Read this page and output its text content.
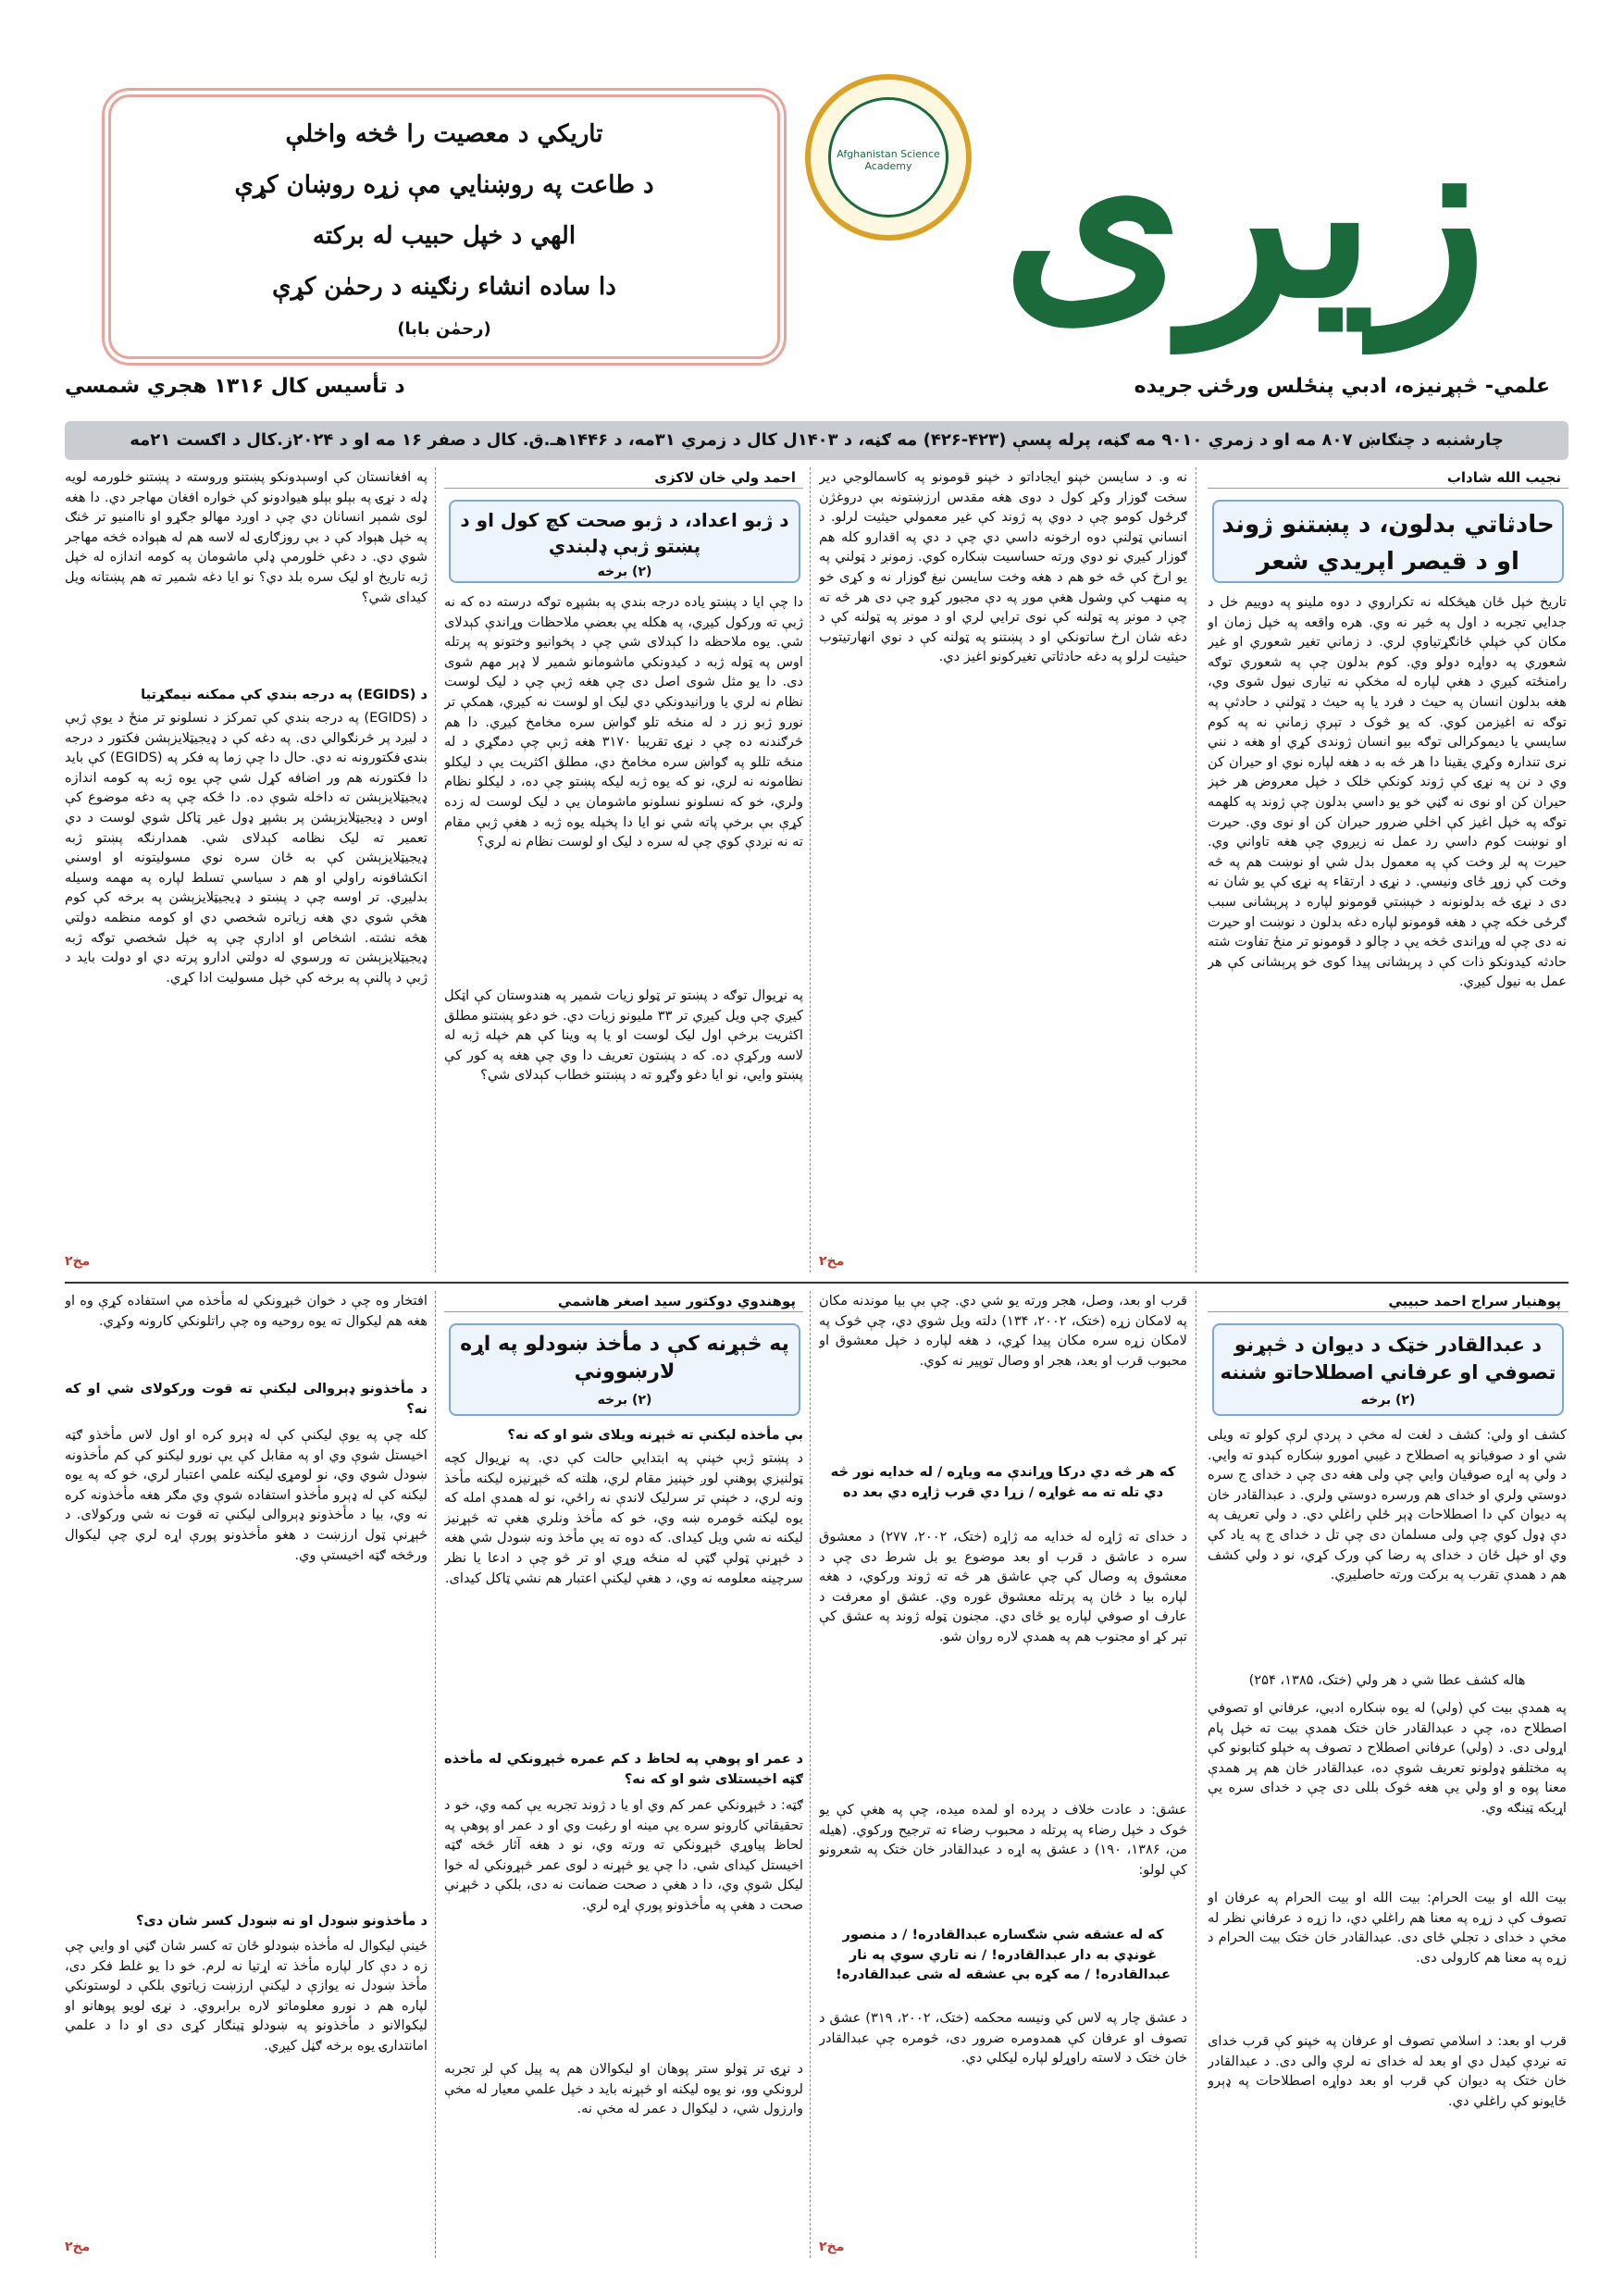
زيرى
Afghanistan Science Academy
تاريکي د معصيت را څخه واخلې
د طاعت په روښنايي مې زړه روښان کړې
الهي د خپل حبيب له برکته
دا ساده انشاء رنګينه د رحمٰن کړې
(رحمٰن بابا)
علمي- څېړنيزه، ادبي پنځلس ورځنۍ جريده
د تأسيس کال ۱۳۱۶ هجري شمسي
چارشنبه د چنګاښ ۸۰۷ مه او د زمري ۹۰۱۰ مه ګڼه، پرله پسې (۴۲۳-۴۲۶) مه ګڼه، د ۱۴۰۳ل کال د زمري ۳۱مه، د ۱۴۴۶هـ.ق. کال د صفر ۱۶ مه او د ۲۰۲۴ز.کال د اګست ۲۱مه
نجیب الله شاداب
حادثاتي بدلون، د پښتنو ژوند او د قيصر اپريدي شعر
تاريخ خپل ځان هيڅکله نه تکراروي د دوه ملينو په دوييم خل د جدايي تجربه د اول په څير نه وي. هره واقعه په خپل زمان او مکان کې خپلې ځانګړتياوې لري. د زماني تغير شعوري او غير شعوري په دواړه دولو وي. کوم بدلون چې په شعوري توګه رامنځته کيږي د هغې لپاره له مخکې نه تياری نيول شوی وي، هغه بدلون انسان په حيث د فرد یا په حيث د ټولنې د حادثې په توګه نه اغيزمن کوي. که يو څوک د تېرې زمانې نه په کوم سايسي يا ديموکرالی توګه بيو انسان ژوندی کړي او هغه د نني نری تندارہ وکړي يقينا دا هر څه به د هغه لپاره نوي او حيران کن وي د نن په نړۍ کې ژوند کونکې خلک د خپل معروض هر خپز حيران کن او نوی نه ګڼي خو يو داسي بدلون چې ژوند په کلهمه توګه په خپل اغيز کې اخلي ضرور حيران کن او نوی وي. حيرت او نوښت کوم داسي رد عمل نه زيږوي چې هغه تاواني وي. حيرت په لږ وخت کې په معمول بدل شي او نوښت هم په څه وخت کې زوړ ځای ونيسي. د نړۍ د ارتقاء په نړۍ کې يو شان نه دی د نړۍ ځه بدلونونه د خپښتي قومونو لپاره د پرېشانی سبب ګرځی خکه چې د هغه قومونو لپاره دغه بدلون د نوښت او حيرت نه دی چې له وړاندی څخه يې د چالو د قومونو تر منځ تفاوت شته حادثه کيدونکو ذات کې د پرېشانی پيدا کوی خو پرېشانی کې هر عمل به نيول کيږي.
نه و. د سايسن خپنو ايجاداتو د خپنو قومونو په کاسمالوجي دير سخت ګوزار وکړ کول د دوی هغه مقدس ارزښتونه بې دروغژن ګرځول کومو چې د دوي په ژوند کې غير معمولي حيثيت لرلو. د انساني ټولنې دوه ارخونه داسي دي چې د دي په اقدارو کله هم ګوزار کيږي نو دوي ورته حساسيت ښکاره کوي. زمونږ د ټولني په يو ارخ کې څه خو هم د هغه وخت سايسن نيغ ګوزار نه و کړی خو په منهب کې وشول هغې موږ په دې مجبور کړو چې دی هر څه ته چې د مونږ په ټولنه کې نوی ترايي لري او د مونږ په ټولنه کې د دغه شان ارخ ساتونکي او د پښتنو په ټولنه کې د نوي انهارتيتوب حيثيت لرلو په دغه حادثاتي تغيرکونو اغيز دي.
۲مخ
احمد ولي خان لاکزی
د ژبو اعداد، د ژبو صحت کچ کول او د پښتو ژبې ډلبندي
(۲) برخه
دا چې ايا د پښتو ياده درجه بندي په بشپړه توګه درسته ده که نه ژبې ته ورکول کيږي، په هکله يې بعضې ملاحظات وړاندې کېدلای شي. يوه ملاحظه دا کېدلای شي چې د پخوانيو وختونو په پرتله اوس په ټوله ژبه د کيدونکي ماشومانو شمير لا ډېر مهم شوی دی. دا يو مثل شوی اصل دی چې هغه ژبې چې د ليک لوست نظام نه لري يا ورانيدونکي دي ليک او لوست نه کيږي، همکې تر نورو ژبو زر د له منځه تلو ګواښ سره مخامخ کيږي. دا هم څرګندنه ده چې د نړۍ تقريبا ۳۱۷۰ هغه ژبې چې دمګړي د له منځه تللو په ګواښ سره مخامخ دي، مطلق اکثريت يې د ليکلو نظامونه نه لري، نو که يوه ژبه ليکه پښتو چې ده، د ليکلو نظام ولري، خو که نسلونو نسلونو ماشومان يې د ليک لوست له زده کړې بې برخې پاته شي نو ايا دا پخپله يوه ژبه د هغې ژبې مقام ته نه نږدې کوي چې له سره د ليک او لوست نظام نه لري؟
په نړيوال توګه د پښتو تر ټولو زيات شمير په هندوستان کې اټکل کيږي چې ويل کيږي تر ۳۳ مليونو زيات دي. خو دغو پښتنو مطلق اکثريت برخې اول ليک لوست او يا په وينا کې هم خپله ژبه له لاسه ورکړې ده. که د پښتون تعريف دا وي چې هغه په کور کې پښتو وايي، نو ايا دغو وګړو ته د پښتنو خطاب کېدلای شي؟
په افغانستان کې اوسېدونکو پښتنو وروسته د پښتنو خلورمه لويه ډله د نړۍ په بېلو بېلو هيوادونو کې خواره افغان مهاجر دي. دا هغه لوی شمېر انسانان دي چې د اوږد مهالو جګړو او ناامنيو تر څنګ په خپل هېواد کې د بې روزګارۍ له لاسه هم له هېواده څخه مهاجر شوي دي. د دغې خلورمې ډلې ماشومان په کومه اندازه له خپل ژبه تاريخ او ليک سره بلد دي؟ نو ايا دغه شمير ته هم پښتانه ويل کيدای شي؟
د (EGIDS) په درجه بندي کې ممکنه نيمګړتيا
د (EGIDS) په درجه بندي کې تمرکز د نسلونو تر منځ د يوې ژبې د ليږد پر څرنګوالي دی. په دغه کې د ډيجيټلايزېشن فکتور د درجه بندۍ فکتورونه نه دي. حال دا چې زما په فکر په (EGIDS) کې بايد دا فکتورنه هم ور اضافه کړل شي چې يوه ژبه په کومه اندازه ډيجيټلايزېشن ته داخله شوې ده. دا ځکه چې په دغه موضوع کې اوس د ډيجيټلايزېشن پر بشپړ ډول غير ټاکل شوي لوست د دي تعمير ته ليک نظامه کېدلای شي. همدارنګه پښتو ژبه ډيجيټلايزېشن کې به ځان سره نوي مسوليتونه او اوسني انکشافونه راولي او هم د سياسي تسلط لپاره په مهمه وسيله بدليږي. تر اوسه چې د پښتو د ډيجيټلايزېشن په برخه کې کوم هڅې شوي دي هغه زياتره شخصي دي او کومه منظمه دولتي هڅه نشته. اشخاص او ادارې چې په خپل شخصي توګه ژبه ډيجيټلايزېشن ته ورسوي له دولتي ادارو پرته دي او دولت بايد د ژبې د پالنې په برخه کې خپل مسوليت ادا کړي.
۲مخ
پوهنیار سراج احمد حبیبي
د عبدالقادر خټک د ديوان د څېړنو تصوفي او عرفاني اصطلاحاتو شننه
(۲) برخه
کشف او ولي: کشف د لغت له مخې د پردې لرې کولو ته ويلی شي او د صوفيانو په اصطلاح د غيبي امورو ښکاره کېدو ته وايي. د ولي په اړه صوفيان وايي چې ولی هغه دی چې د خدای ج سره دوستي ولري او خدای هم ورسره دوستي ولري. د عبدالقادر خان په ديوان کې دا اصطلاحات ډېر ځلې راغلي دي. د ولي تعريف په دې ډول کوي چې ولی مسلمان دی چې تل د خدای ج په ياد کې وي او خپل ځان د خدای په رضا کې ورک کړي، نو د ولي کشف هم د همدې تقرب په برکت ورته حاصليږي.
هاله کشف عطا شي د هر ولي (ختک، ۱۳۸۵، ۲۵۴)
په همدې بيت کې (ولي) له يوه ښکاره ادبي، عرفاني او تصوفي اصطلاح ده، چې د عبدالقادر خان ختک همدې بيت ته خپل پام اړولی دی. د (ولي) عرفاني اصطلاح د تصوف په خپلو کتابونو کې په مختلفو ډولونو تعريف شوې ده، عبدالقادر خان هم پر همدې معنا پوه و او ولي يې هغه څوک بللی دی چې د خدای سره يې اړيکه ټينګه وي.
بيت الله او بيت الحرام: بيت الله او بيت الحرام په عرفان او تصوف کې د زړه په معنا هم راغلي دي، دا زړه د عرفاني نظر له مخې د خدای د تجلي ځای دی. عبدالقادر خان ختک بيت الحرام د زړه په معنا هم کارولی دی.
قرب او بعد: د اسلامي تصوف او عرفان په خپنو کې قرب خدای ته نږدې کيدل دي او بعد له خدای نه لرې والی دی. د عبدالقادر خان ختک په ديوان کې قرب او بعد دواړه اصطلاحات په ډېرو ځايونو کې راغلي دي.
قرب او بعد، وصل، هجر ورته يو شي دي. چې بې بيا موندنه مکان په لامکان زړه (ختک، ۲۰۰۲، ۱۳۴) دلته ويل شوي دي، چې څوک په لامکان زړه سره مکان پيدا کړي، د هغه لپاره د خپل معشوق او محبوب قرب او بعد، هجر او وصال توپير نه کوي.
که هر څه دي درکا وړاندې مه وياړه / له خدايه نور څه دي تله ته مه غواړه / زړا دي قرب ژاړه دي بعد ده
د خدای ته ژاړه له خدايه مه ژاړه (ختک، ۲۰۰۲، ۲۷۷) د معشوق سره د عاشق د قرب او بعد موضوع يو بل شرط دی چې د معشوق په وصال کې چې عاشق هر څه ته ژوند ورکوي، د هغه لپاره بيا د ځان په پرتله معشوق غوره وي. عشق او معرفت د عارف او صوفي لپاره يو ځای دي. مجنون ټوله ژوند په عشق کې تېر کړ او مجنوب هم په همدې لاره روان شو.
عشق: د عادت خلاف د پرده او لمده ميده، چې په هغې کې يو څوک د خپل رضاء په پرتله د محبوب رضاء ته ترجيح ورکوي. (هيله من، ۱۳۸۶، ۱۹۰) د عشق په اړه د عبدالقادر خان ختک په شعرونو کې لولو:
که له عشقه شې شګساره عبدالقادره! / د منصور غونډي به دار عبدالقادره! / نه تاري سوي په نار عبدالقادره! / مه کړه بې عشقه له شی عبدالقادره!
د عشق چار په لاس کي ونيسه محکمه (ختک، ۲۰۰۲، ۳۱۹) عشق د تصوف او عرفان کې همدومره ضرور دی، څومره چې عبدالقادر خان ختک د لاسته راوړلو لپاره لیکلي دي.
۲مخ
پوهندوي دوکتور سيد اصغر هاشمي
په څېړنه کې د مأخذ ښودلو په اړه لارښوونې
(۲) برخه
بې مأخذه ليکنې ته څېړنه ويلای شو او که نه؟
د پښتو ژبې خپنې په ابتدايي حالت کې دي. په نړيوال کچه ټولنيزي پوهنې لوږ خپنيز مقام لري، هلته که څېړنيزه ليکنه مأخذ ونه لري، د خپنې تر سرليک لاندې نه راځي، نو له همدې امله که يوه ليکنه څومره ښه وي، خو که مأخذ ونلري هغې ته څېړنيز ليکنه نه شي ويل کيدای. که دوه ته يې مأخذ ونه ښودل شي هغه د څېړنې ټولې ګټې له منځه وړي او تر څو چې د ادعا يا نظر سرچينه معلومه نه وي، د هغې ليکنې اعتبار هم نشي ټاکل کيدای.
د عمر او پوهې په لحاظ د کم عمره څېړونکي له مأخذه ګټه اخيستلای شو او که نه؟
ګټه: د څېړونکي عمر کم وي او يا د ژوند تجربه يې کمه وي، خو د تحقيقاتي کارونو سره يې مينه او رغبت وي او د عمر او پوهې په لحاظ پياوړي څېړونکي ته ورته وي، نو د هغه آثار څخه ګټه اخيستل کيدای شي. دا چې يو څېړنه د لوی عمر څېړونکي له خوا ليکل شوې وي، دا د هغې د صحت ضمانت نه دی، بلکې د څېړنې صحت د هغې په مأخذونو پورې اړه لري.
د نړۍ تر ټولو ستر پوهان او ليکوالان هم په پيل کې لږ تجربه لرونکي وو، نو يوه ليکنه او څېړنه بايد د خپل علمي معيار له مخې وارزول شي، د ليکوال د عمر له مخې نه.
افتخار وه چې د خوان څېړونکي له مأخذه مې استفاده کړې وه او هغه هم ليکوال ته يوه روحيه وه چې راتلونکي کارونه وکړي.
د مأخذونو ډېروالی ليکنې ته قوت ورکولای شي او که نه؟
کله چې په يوې ليکنې کې له ډېرو کره او اول لاس مأخذو ګټه اخيستل شوې وي او په مقابل کې يې نورو ليکنو کې کم مأخذونه ښودل شوي وي، نو لومړۍ ليکنه علمي اعتبار لري، خو که په يوه ليکنه کې له ډېرو مأخذو استفاده شوې وي مګر هغه مأخذونه کره نه وي، بيا د مأخذونو ډېروالی ليکنې ته قوت نه شي ورکولای. د څېړنې ټول ارزښت د هغو مأخذونو پورې اړه لري چې ليکوال ورڅخه ګټه اخيستې وي.
د مأخذونو ښودل او نه ښودل کسر شان دی؟
ځينې ليکوال له مأخذه ښودلو ځان ته کسر شان ګڼي او وايي چې زه د دې کار لپاره مأخذ ته اړتيا نه لرم. خو دا يو غلط فکر دی، مأخذ ښودل نه يوازې د ليکنې ارزښت زياتوي بلکې د لوستونکي لپاره هم د نورو معلوماتو لاره برابروي. د نړۍ لويو پوهانو او ليکوالانو د مأخذونو په ښودلو ټينګار کړی دی او دا د علمي امانتدارۍ يوه برخه ګڼل کيږي.
۲مخ
